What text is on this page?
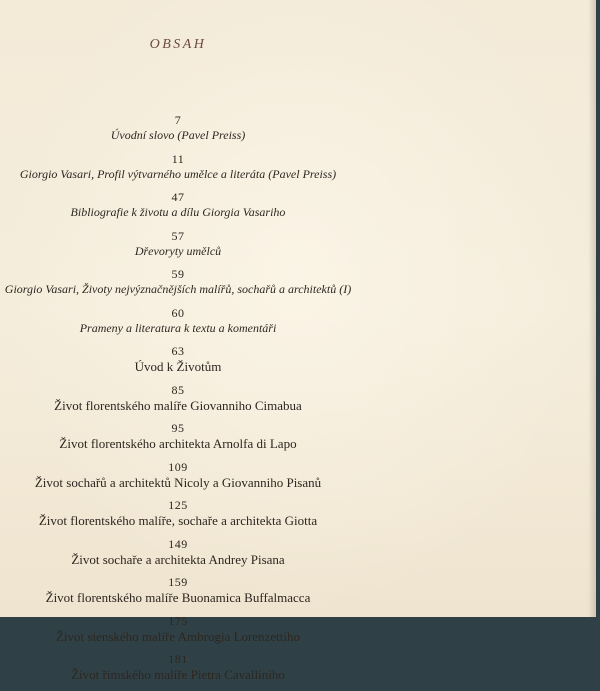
OBSAH
7
Úvodní slovo (Pavel Preiss)
11
Giorgio Vasari, Profil výtvarného umělce a literáta (Pavel Preiss)
47
Bibliografie k životu a dílu Giorgia Vasariho
57
Dřevoryty umělců
59
Giorgio Vasari, Životy nejvýznačnějších malířů, sochařů a architektů (I)
60
Prameny a literatura k textu a komentáři
63
Úvod k Životům
85
Život florentského malíře Giovanniho Cimabua
95
Život florentského architekta Arnolfa di Lapo
109
Život sochařů a architektů Nicoly a Giovanniho Pisanů
125
Život florentského malíře, sochaře a architekta Giotta
149
Život sochaře a architekta Andrey Pisana
159
Život florentského malíře Buonamica Buffalmacca
175
Život sienského malíře Ambrogia Lorenzettiho
181
Život římského malíře Pietra Cavalliniho
